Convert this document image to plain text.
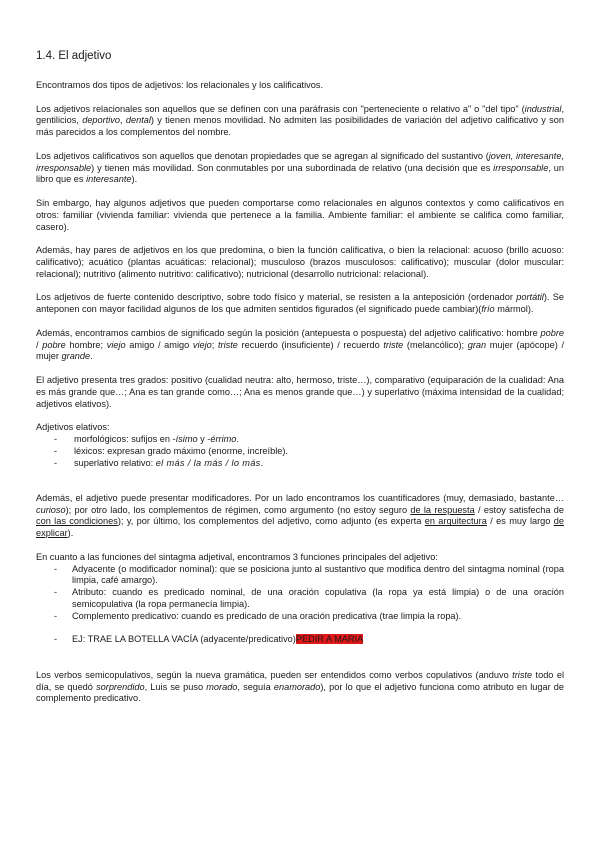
1.4. El adjetivo

Encontramos dos tipos de adjetivos: los relacionales y los calificativos.

Los adjetivos relacionales son aquellos que se definen con una paráfrasis con "perteneciente o relativo a" o "del tipo" (industrial, gentilicios, deportivo, dental) y tienen menos movilidad. No admiten las posibilidades de variación del adjetivo calificativo y son más parecidos a los complementos del nombre.

Los adjetivos calificativos son aquellos que denotan propiedades que se agregan al significado del sustantivo (joven, interesante, irresponsable) y tienen más movilidad. Son conmutables por una subordinada de relativo (una decisión que es irresponsable, un libro que es interesante).

Sin embargo, hay algunos adjetivos que pueden comportarse como relacionales en algunos contextos y como calificativos en otros: familiar (vivienda familiar: vivienda que pertenece a la familia. Ambiente familiar: el ambiente se califica como familiar, casero).

Además, hay pares de adjetivos en los que predomina, o bien la función calificativa, o bien la relacional: acuoso (brillo acuoso: calificativo); acuático (plantas acuáticas: relacional); musculoso (brazos musculosos: calificativo); muscular (dolor muscular: relacional); nutritivo (alimento nutritivo: calificativo); nutricional (desarrollo nutricional: relacional).

Los adjetivos de fuerte contenido descriptivo, sobre todo físico y material, se resisten a la anteposición (ordenador portátil). Se anteponen con mayor facilidad algunos de los que admiten sentidos figurados (el significado puede cambiar)(frío mármol).

Además, encontramos cambios de significado según la posición (antepuesta o pospuesta) del adjetivo calificativo: hombre pobre / pobre hombre; viejo amigo / amigo viejo; triste recuerdo (insuficiente) / recuerdo triste (melancólico); gran mujer (apócope) / mujer grande.

El adjetivo presenta tres grados: positivo (cualidad neutra: alto, hermoso, triste…), comparativo (equiparación de la cualidad: Ana es más grande que…; Ana es tan grande como…; Ana es menos grande que…) y superlativo (máxima intensidad de la cualidad; adjetivos elativos).

Adjetivos elativos:
- morfológicos: sufijos en -ísimo y -érrimo.
- léxicos: expresan grado máximo (enorme, increíble).
- superlativo relativo: el más / la más / lo más.

Además, el adjetivo puede presentar modificadores. Por un lado encontramos los cuantificadores (muy, demasiado, bastante…curioso); por otro lado, los complementos de régimen, como argumento (no estoy seguro de la respuesta / estoy satisfecha de con las condiciones); y, por último, los complementos del adjetivo, como adjunto (es experta en arquitectura / es muy largo de explicar).

En cuanto a las funciones del sintagma adjetival, encontramos 3 funciones principales del adjetivo:
- Adyacente (o modificador nominal): que se posiciona junto al sustantivo que modifica dentro del sintagma nominal (ropa limpia, café amargo).
- Atributo: cuando es predicado nominal, de una oración copulativa (la ropa ya está limpia) o de una oración semicopulativa (la ropa permanecía limpia).
- Complemento predicativo: cuando es predicado de una oración predicativa (trae limpia la ropa).
- EJ: TRAE LA BOTELLA VACÍA (adyacente/predicativo)PEDIR A MARIA

Los verbos semicopulativos, según la nueva gramática, pueden ser entendidos como verbos copulativos (anduvo triste todo el día, se quedó sorprendido, Luis se puso morado, seguía enamorado), por lo que el adjetivo funciona como atributo en lugar de complemento predicativo.
